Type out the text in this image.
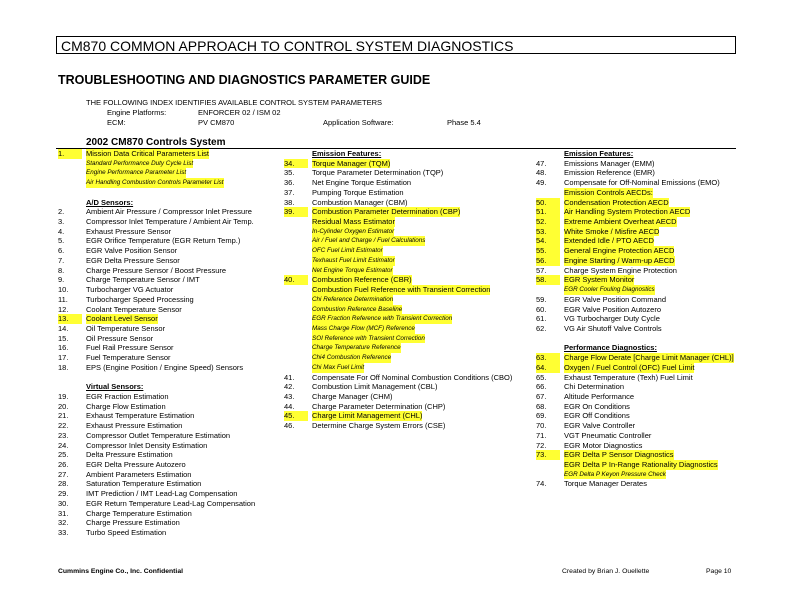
CM870 COMMON APPROACH TO CONTROL SYSTEM DIAGNOSTICS
TROUBLESHOOTING AND DIAGNOSTICS PARAMETER GUIDE
THE FOLLOWING INDEX IDENTIFIES AVAILABLE CONTROL SYSTEM PARAMETERS
Engine Platforms:	ENFORCER 02 / ISM 02
ECM:	PV CM870	Application Software:	Phase 5.4
2002 CM870 Controls System
1.	Mission Data Critical Parameters List
Standard Performance Duty Cycle List
Engine Performance Parameter List
Air Handling Combustion Controls Parameter List
A/D Sensors:
2.	Ambient Air Pressure / Compressor Inlet Pressure
3.	Compressor Inlet Temperature / Ambient Air Temp.
4.	Exhaust Pressure Sensor
5.	EGR Orifice Temperature (EGR Return Temp.)
6.	EGR Valve Position Sensor
7.	EGR Delta Pressure Sensor
8.	Charge Pressure Sensor / Boost Pressure
9.	Charge Temperature Sensor / IMT
10.	Turbocharger VG Actuator
11.	Turbocharger Speed Processing
12.	Coolant Temperature Sensor
13.	Coolant Level Sensor
14.	Oil Temperature Sensor
15.	Oil Pressure Sensor
16.	Fuel Rail Pressure Sensor
17.	Fuel Temperature Sensor
18.	EPS (Engine Position / Engine Speed) Sensors
Virtual Sensors:
19.	EGR Fraction Estimation
20.	Charge Flow Estimation
21.	Exhaust Temperature Estimation
22.	Exhaust Pressure Estimation
23.	Compressor Outlet Temperature Estimation
24.	Compressor Inlet Density Estimation
25.	Delta Pressure Estimation
26.	EGR Delta Pressure Autozero
27.	Ambient Parameters Estimation
28.	Saturation Temperature Estimation
29.	IMT Prediction / IMT Lead-Lag Compensation
30.	EGR Return Temperature Lead-Lag Compensation
31.	Charge Temperature Estimation
32.	Charge Pressure Estimation
33.	Turbo Speed Estimation
Emission Features:
34.	Torque Manager (TQM)
35.	Torque Parameter Determination (TQP)
36.	Net Engine Torque Estimation
37.	Pumping Torque Estimation
38.	Combustion Manager (CBM)
39.	Combustion Parameter Determination (CBP)
Residual Mass Estimator
In-Cylinder Oxygen Estimator
Air / Fuel and Charge / Fuel Calculations
OFC Fuel Limit Estimator
Texhaust Fuel Limit Estimator
Net Engine Torque Estimator
40.	Combustion Reference (CBR)
Combustion Fuel Reference with Transient Correction
Chi Reference Determination
Combustion Reference Baseline
EGR Fraction Reference with Transient Correction
Mass Charge Flow (MCF) Reference
SOI Reference with Transient Correction
Charge Temperature Reference
Chi4 Combustion Reference
Chi Max Fuel Limit
41.	Compensate For Off Nominal Combustion Conditions (CBO)
42.	Combustion Limit Management (CBL)
43.	Charge Manager (CHM)
44.	Charge Parameter Determination (CHP)
45.	Charge Limit Management (CHL)
46.	Determine Charge System Errors (CSE)
Emission Features:
47.	Emissions Manager (EMM)
48.	Emission Reference (EMR)
49.	Compensate for Off-Nominal Emissions (EMO)
Emission Controls AECDs:
50.	Condensation Protection AECD
51.	Air Handling System Protection AECD
52.	Extreme Ambient Overheat AECD
53.	White Smoke / Misfire AECD
54.	Extended Idle / PTO AECD
55.	General Engine Protection AECD
56.	Engine Starting / Warm-up AECD
57.	Charge System Engine Protection
58.	EGR System Monitor
EGR Cooler Fouling Diagnostics
59.	EGR Valve Position Command
60.	EGR Valve Position Autozero
61.	VG Turbocharger Duty Cycle
62.	VG Air Shutoff Valve Controls
Performance Diagnostics:
63.	Charge Flow Derate [Charge Limit Manager (CHL)]
64.	Oxygen / Fuel Control (OFC) Fuel Limit
65.	Exhaust Temperature (Texh) Fuel Limit
66.	Chi Determination
67.	Altitude Performance
68.	EGR On Conditions
69.	EGR Off Conditions
70.	EGR Valve Controller
71.	VGT Pneumatic Controller
72.	EGR Motor Diagnostics
73.	EGR Delta P Sensor Diagnostics
EGR Delta P In-Range Rationality Diagnostics
EGR Delta P Keyon Pressure Check
74.	Torque Manager Derates
Cummins Engine Co., Inc. Confidential	Created by Brian J. Ouellette	Page 10
